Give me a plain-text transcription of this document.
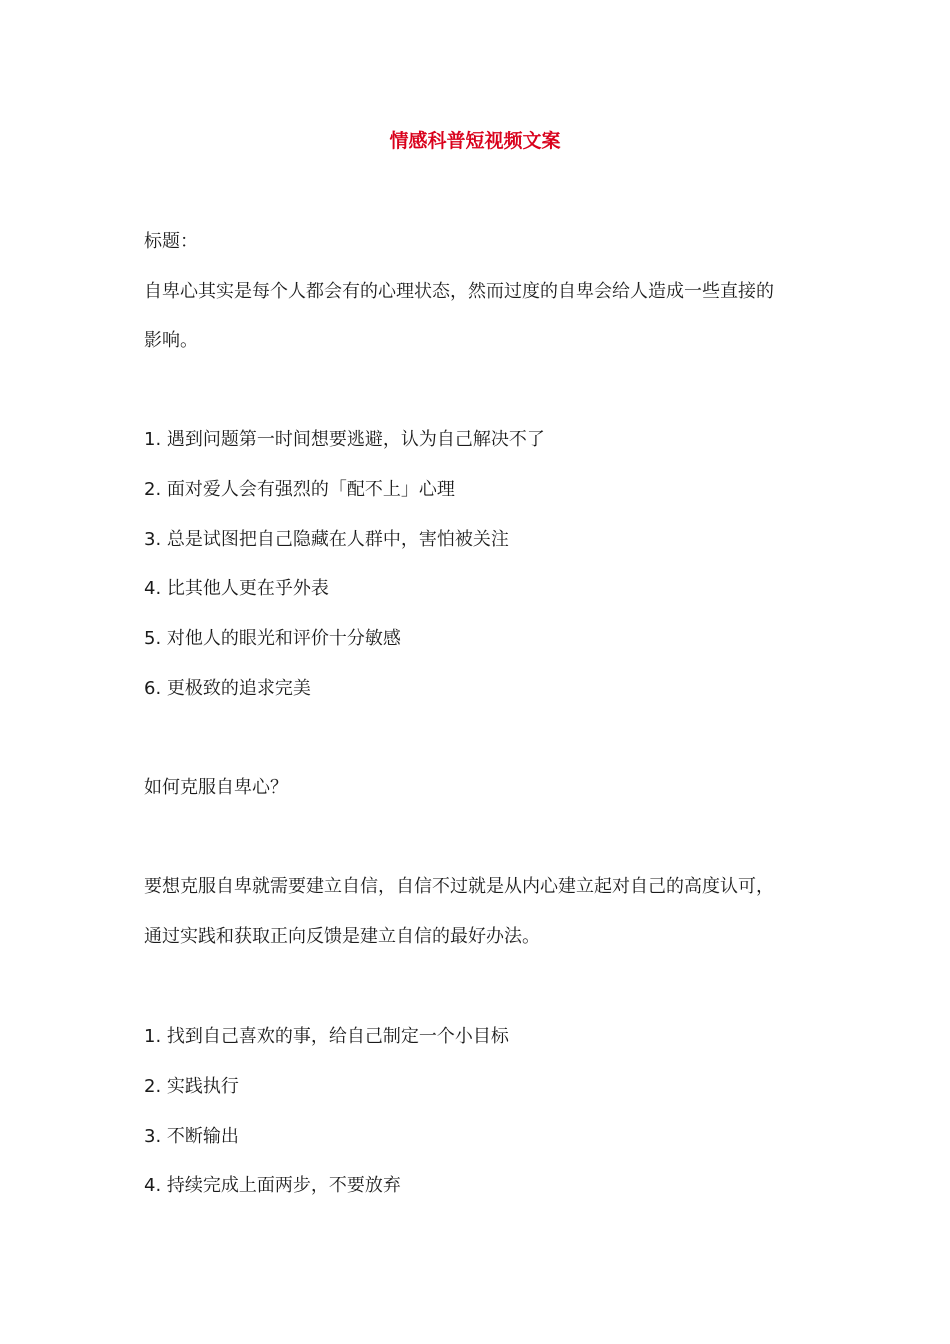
情感科普短视频文案
标题：
自卑心其实是每个人都会有的心理状态，然而过度的自卑会给人造成一些直接的
影响。
1. 遇到问题第一时间想要逃避，认为自己解决不了
2. 面对爱人会有强烈的「配不上」心理
3. 总是试图把自己隐藏在人群中，害怕被关注
4. 比其他人更在乎外表
5. 对他人的眼光和评价十分敏感
6. 更极致的追求完美
如何克服自卑心？
要想克服自卑就需要建立自信，自信不过就是从内心建立起对自己的高度认可，
通过实践和获取正向反馈是建立自信的最好办法。
1. 找到自己喜欢的事，给自己制定一个小目标
2. 实践执行
3. 不断输出
4. 持续完成上面两步，不要放弃
